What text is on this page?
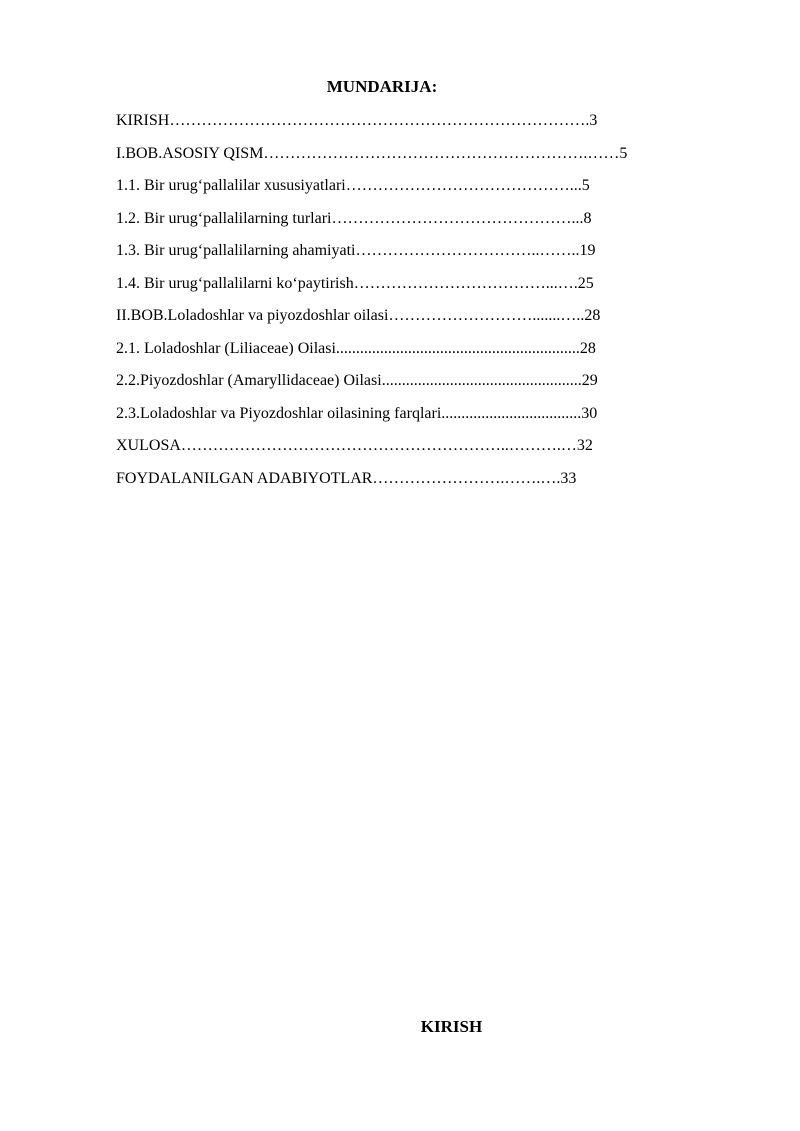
MUNDARIJA:
KIRISH…………………………………………………………………….3
I.BOB.ASOSIY QISM…………………………………………………….……5
1.1. Bir urug‘pallalilar xususiyatlari……………………………………...5
1.2. Bir urug‘pallalilarning turlari………………………………………...8
1.3. Bir urug‘pallalilarning ahamiyati……………………………..……..19
1.4. Bir urug‘pallalilarni ko‘paytirish………………………………...….25
II.BOB.Loladoshlar va piyozdoshlar oilasi……………………….......…..28
2.1. Loladoshlar (Liliaceae) Oilasi.............................................................28
2.2.Piyozdoshlar (Amaryllidaceae) Oilasi..................................................29
2.3.Loladoshlar va Piyozdoshlar oilasining farqlari...................................30
XULOSA……………………………………………………..……….…32
FOYDALANILGAN ADABIYOTLAR…………………….…….….33
KIRISH
